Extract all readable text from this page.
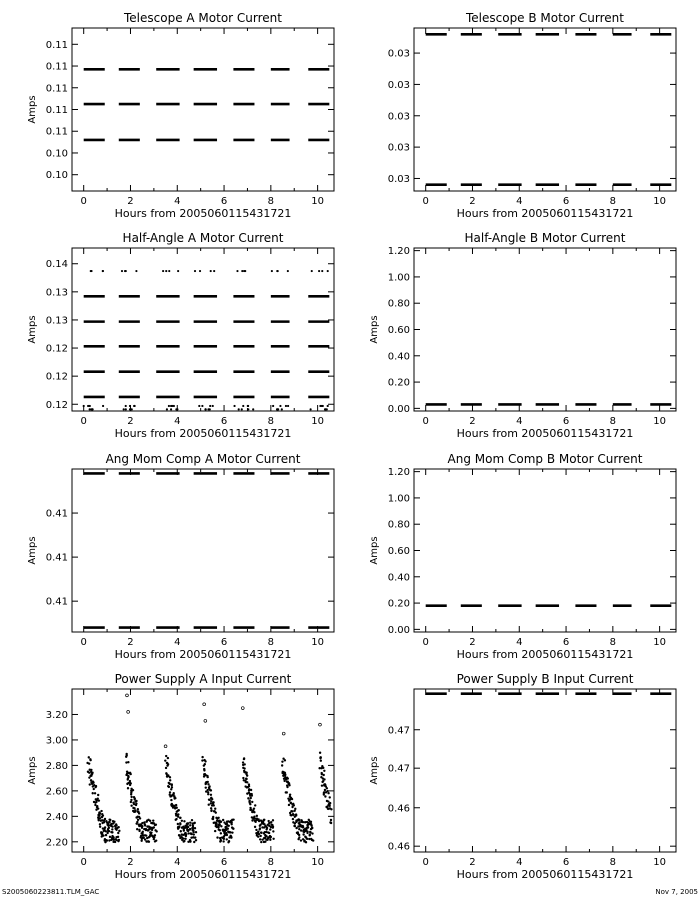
Telescope A Motor Current
0	2	4	6	8	10
0.10
0.10
0.11
0.11
0.11
0.11
0.11
Hours from 2005060115431721
Amps
Telescope B Motor Current
0	2	4	6	8	10
0.03
0.03
0.03
0.03
0.03
Hours from 2005060115431721
Half-Angle A Motor Current
0	2	4	6	8	10
0.12
0.12
0.12
0.13
0.13
0.14
Hours from 2005060115431721
Amps
Half-Angle B Motor Current
0	2	4	6	8	10
0.00
0.20
0.40
0.60
0.80
1.00
1.20
Hours from 2005060115431721
Amps
Ang Mom Comp A Motor Current
0	2	4	6	8	10
0.41
0.41
0.41
Hours from 2005060115431721
Amps
Ang Mom Comp B Motor Current
0	2	4	6	8	10
0.00
0.20
0.40
0.60
0.80
1.00
1.20
Hours from 2005060115431721
Amps
Power Supply A Input Current
0	2	4	6	8	10
2.20
2.40
2.60
2.80
3.00
3.20
Hours from 2005060115431721
Amps
Power Supply B Input Current
0	2	4	6	8	10
0.46
0.46
0.47
0.47
Hours from 2005060115431721
Amps
S2005060223811.TLM_GAC	Nov 7, 2005
